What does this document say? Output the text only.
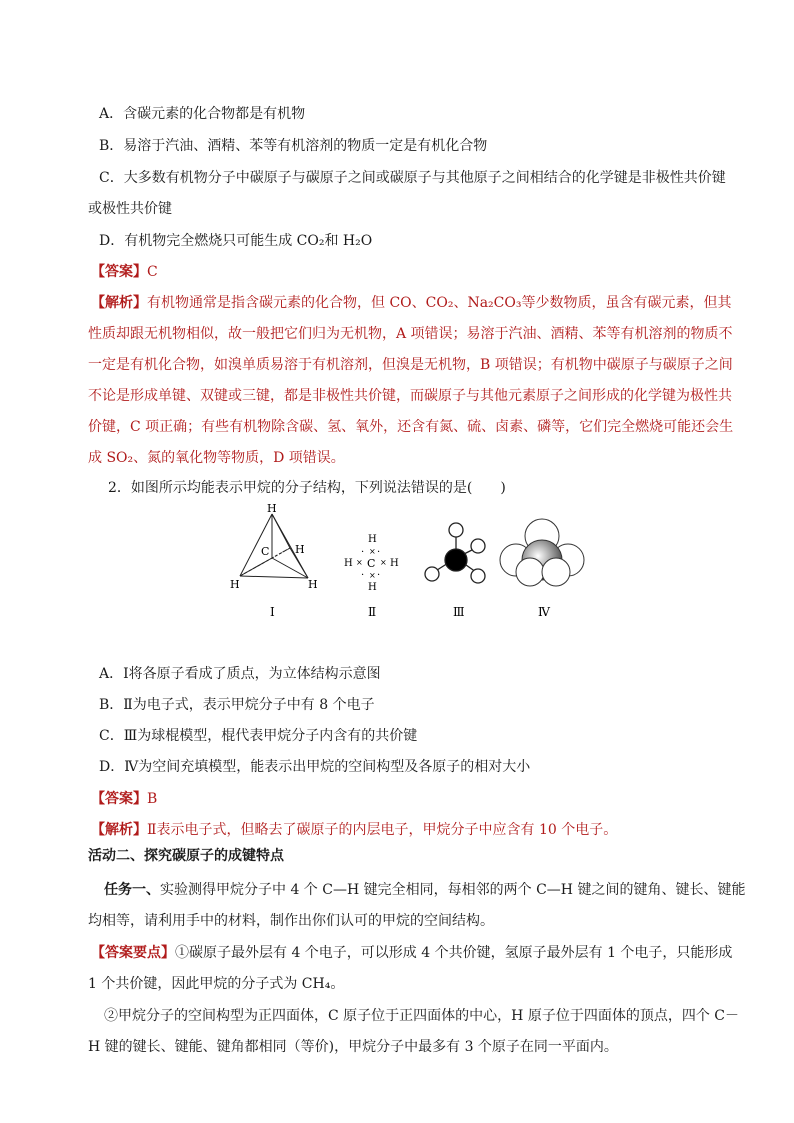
A．含碳元素的化合物都是有机物
B．易溶于汽油、酒精、苯等有机溶剂的物质一定是有机化合物
C．大多数有机物分子中碳原子与碳原子之间或碳原子与其他原子之间相结合的化学键是非极性共价键
或极性共价键
D．有机物完全燃烧只可能生成 CO₂和 H₂O
【答案】C
【解析】有机物通常是指含碳元素的化合物，但 CO、CO₂、Na₂CO₃等少数物质，虽含有碳元素，但其
性质却跟无机物相似，故一般把它们归为无机物，A 项错误；易溶于汽油、酒精、苯等有机溶剂的物质不
一定是有机化合物，如溴单质易溶于有机溶剂，但溴是无机物，B 项错误；有机物中碳原子与碳原子之间
不论是形成单键、双键或三键，都是非极性共价键，而碳原子与其他元素原子之间形成的化学键为极性共
价键，C 项正确；有些有机物除含碳、氢、氧外，还含有氮、硫、卤素、磷等，它们完全燃烧可能还会生
成 SO₂、氮的氧化物等物质，D 项错误。
2．如图所示均能表示甲烷的分子结构，下列说法错误的是(　　)
H
C H
H	H
H
×
H × C × H
×
H
· ·
· ·
Ⅰ	Ⅱ	Ⅲ	Ⅳ
A．Ⅰ将各原子看成了质点，为立体结构示意图
B．Ⅱ为电子式，表示甲烷分子中有 8 个电子
C．Ⅲ为球棍模型，棍代表甲烷分子内含有的共价键
D．Ⅳ为空间充填模型，能表示出甲烷的空间构型及各原子的相对大小
【答案】B
【解析】Ⅱ表示电子式，但略去了碳原子的内层电子，甲烷分子中应含有 10 个电子。
活动二、探究碳原子的成键特点
任务一、实验测得甲烷分子中 4 个 C—H 键完全相同，每相邻的两个 C—H 键之间的键角、键长、键能
均相等，请利用手中的材料，制作出你们认可的甲烷的空间结构。
【答案要点】①碳原子最外层有 4 个电子，可以形成 4 个共价键，氢原子最外层有 1 个电子，只能形成
1 个共价键，因此甲烷的分子式为 CH₄。
②甲烷分子的空间构型为正四面体，C 原子位于正四面体的中心，H 原子位于四面体的顶点，四个 C－
H 键的键长、键能、键角都相同（等价)，甲烷分子中最多有 3 个原子在同一平面内。
